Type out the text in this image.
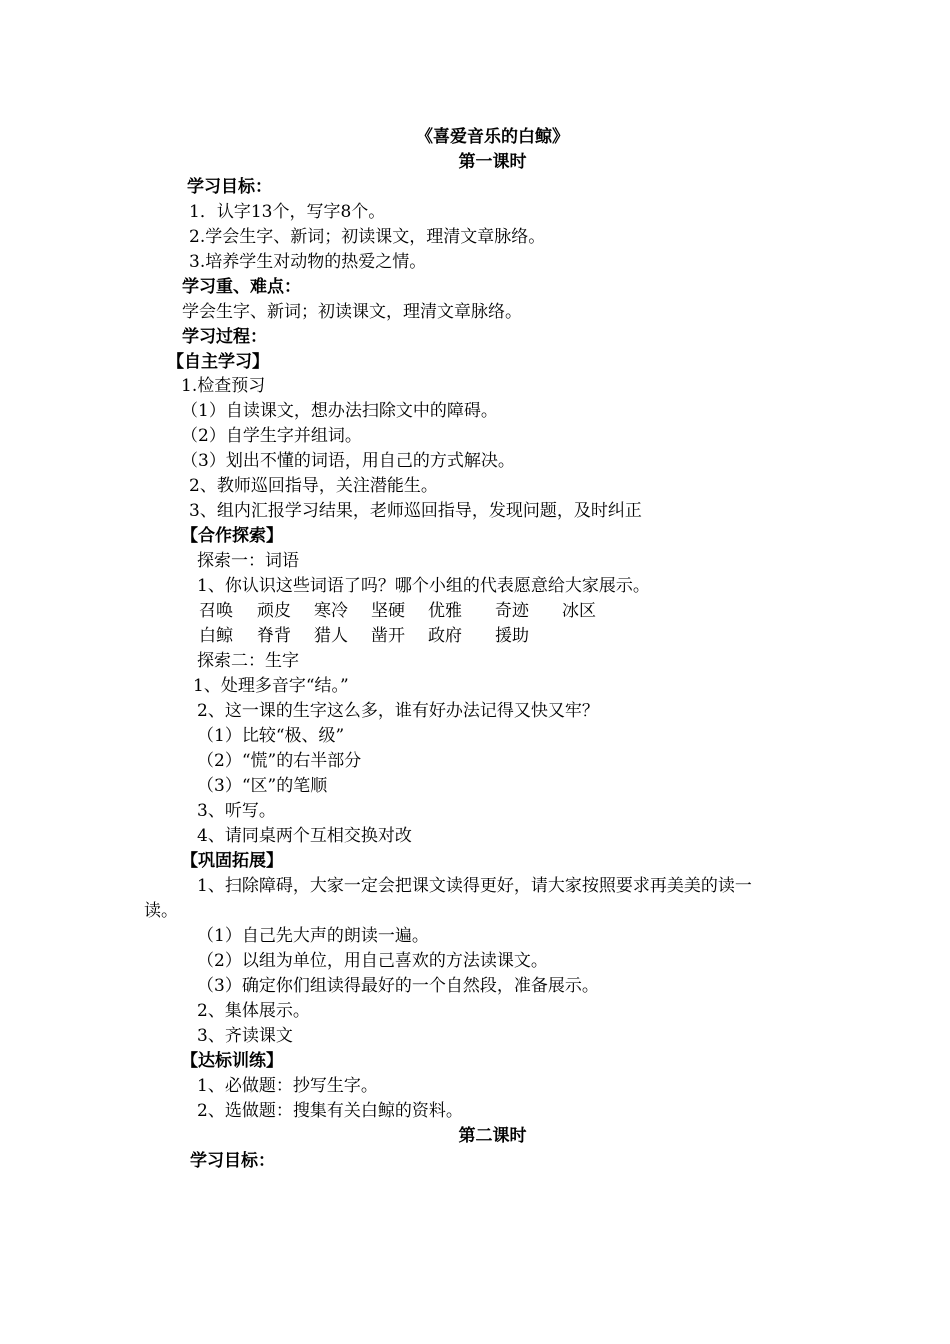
《喜爱音乐的白鲸》
第一课时
学习目标：
1．认字13个，写字8个。
2.学会生字、新词；初读课文，理清文章脉络。
3.培养学生对动物的热爱之情。
学习重、难点：
学会生字、新词；初读课文，理清文章脉络。
学习过程：
【自主学习】
1.检查预习
（1）自读课文，想办法扫除文中的障碍。
（2）自学生字并组词。
（3）划出不懂的词语，用自己的方式解决。
2、教师巡回指导，关注潜能生。
3、组内汇报学习结果，老师巡回指导，发现问题，及时纠正
【合作探索】
探索一：词语
1、你认识这些词语了吗？哪个小组的代表愿意给大家展示。
召唤 顽皮 寒冷 坚硬 优雅 奇迹 冰区
白鲸 脊背 猎人 凿开 政府 援助
探索二：生字
1、处理多音字“结。”
2、这一课的生字这么多，谁有好办法记得又快又牢？
（1）比较“极、级”
（2）“慌”的右半部分
（3）“区”的笔顺
3、听写。
4、请同桌两个互相交换对改
【巩固拓展】
1、扫除障碍，大家一定会把课文读得更好，请大家按照要求再美美的读一
读。
（1）自己先大声的朗读一遍。
（2）以组为单位，用自己喜欢的方法读课文。
（3）确定你们组读得最好的一个自然段，准备展示。
2、集体展示。
3、齐读课文
【达标训练】
1、必做题：抄写生字。
2、选做题：搜集有关白鲸的资料。
第二课时
学习目标：
